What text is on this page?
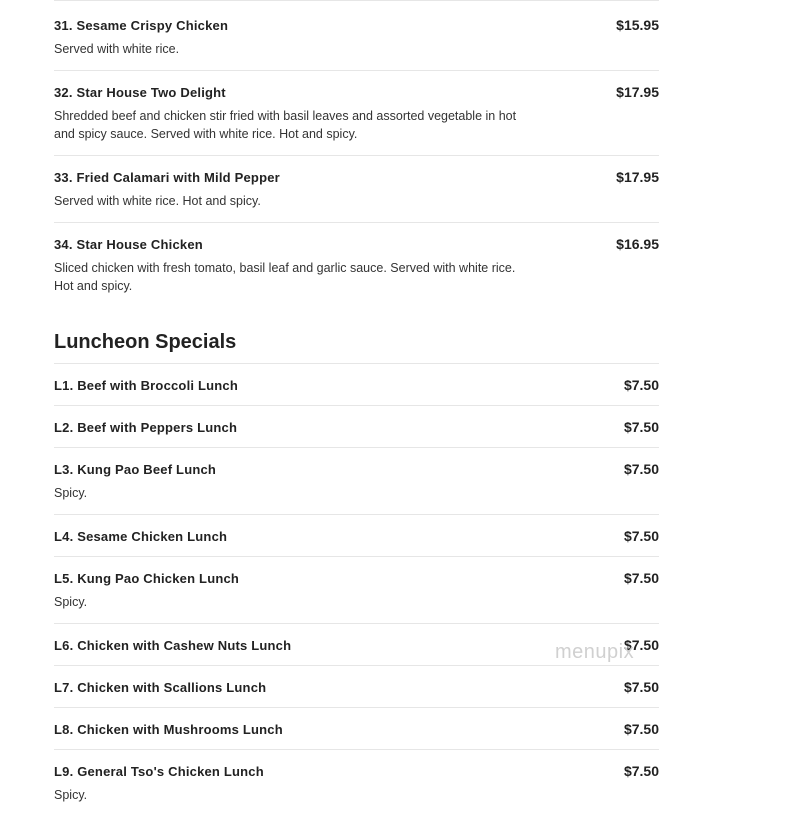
31. Sesame Crispy Chicken	$15.95
Served with white rice.
32. Star House Two Delight	$17.95
Shredded beef and chicken stir fried with basil leaves and assorted vegetable in hot and spicy sauce. Served with white rice. Hot and spicy.
33. Fried Calamari with Mild Pepper	$17.95
Served with white rice. Hot and spicy.
34. Star House Chicken	$16.95
Sliced chicken with fresh tomato, basil leaf and garlic sauce. Served with white rice. Hot and spicy.
Luncheon Specials
L1. Beef with Broccoli Lunch	$7.50
L2. Beef with Peppers Lunch	$7.50
L3. Kung Pao Beef Lunch	$7.50
Spicy.
L4. Sesame Chicken Lunch	$7.50
L5. Kung Pao Chicken Lunch	$7.50
Spicy.
L6. Chicken with Cashew Nuts Lunch	$7.50
L7. Chicken with Scallions Lunch	$7.50
L8. Chicken with Mushrooms Lunch	$7.50
L9. General Tso's Chicken Lunch	$7.50
Spicy.
menupix
